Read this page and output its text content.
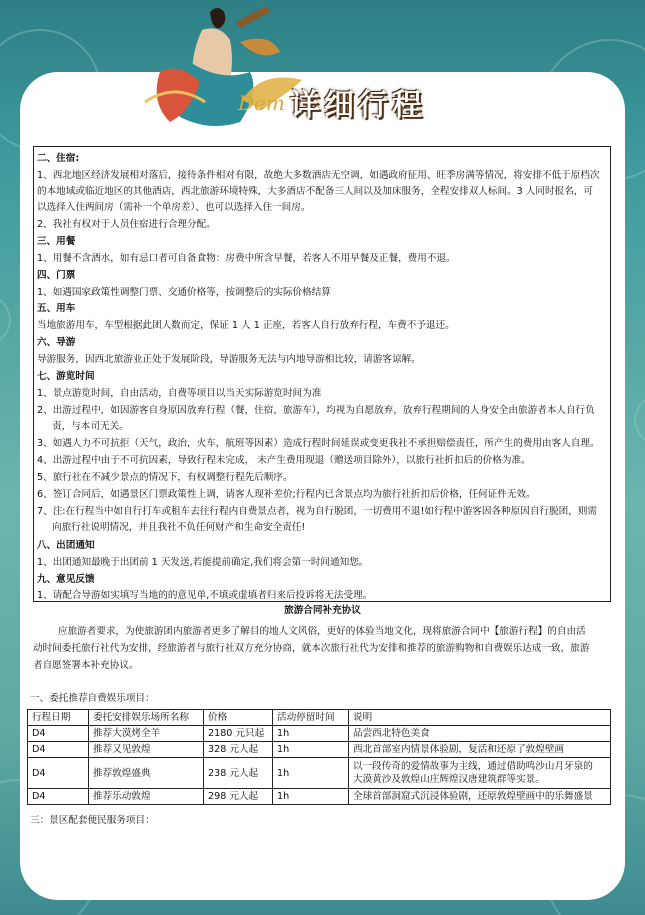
Dem 详细行程
二、住宿:
1、西北地区经济发展相对落后，接待条件相对有限，故绝大多数酒店无空调，如遇政府征用、旺季房满等情况，将安排不低于原档次
的本地域或临近地区的其他酒店，西北旅游环境特殊，大多酒店不配备三人间以及加床服务，全程安排双人标间。3 人同时报名，可
以选择入住两间房（需补一个单房差）、也可以选择入住一间房。
2、我社有权对于人员住宿进行合理分配。
三、用餐
1、用餐不含酒水，如有忌口者可自备食物：房费中所含早餐，若客人不用早餐及正餐，费用不退。
四、门票
1、如遇国家政策性调整门票、交通价格等，按调整后的实际价格结算
五、用车
当地旅游用车，车型根据此团人数而定，保证 1 人 1 正座，若客人自行放弃行程，车费不予退还。
六、导游
导游服务，因西北旅游业正处于发展阶段，导游服务无法与内地导游相比较，请游客谅解。
七、游览时间
1、景点游览时间，自由活动，自费等项目以当天实际游览时间为准
2、出游过程中，如因游客自身原因放弃行程（餐，住宿，旅游车），均视为自愿放弃，放弃行程期间的人身安全由旅游者本人自行负
责，与本司无关。
3、如遇人力不可抗拒（天气，政治，火车，航班等因素）造成行程时间延误或变更我社不承担赔偿责任，所产生的费用由客人自理。
4、出游过程中由于不可抗因素，导致行程未完成， 未产生费用现退（赠送项目除外），以旅行社折扣后的价格为准。
5、旅行社在不减少景点的情况下，有权调整行程先后顺序。
6、签订合同后，如遇景区门票政策性上调，请客人现补差价;行程内已含景点均为旅行社折扣后价格，任何证件无效。
7、注:在行程当中如自行打车或租车去往行程内自费景点者，视为自行脱团，一切费用不退!如行程中游客因各种原因自行脱团，则需
向旅行社说明情况，并且我社不负任何财产和生命安全责任!
八、出团通知
1、出团通知最晚于出团前 1 天发送,若能提前确定,我们将会第一时间通知您。
九、意见反馈
1、请配合导游如实填写当地的的意见单,不填或虚填者归来后投诉将无法受理。
旅游合同补充协议
应旅游者要求，为使旅游团内旅游者更多了解目的地人文风俗，更好的体验当地文化，现将旅游合同中【旅游行程】的自由活
动时间委托旅行社代为安排，经旅游者与旅行社双方充分协商，就本次旅行社代为安排和推荐的旅游购物和自费娱乐达成一致，旅游
者自愿签署本补充协议。
一、委托推荐自费娱乐项目：
行程日期	委托安排娱乐场所名称	价格	活动停留时间	说明
D4	推荐大漠烤全羊	2180 元只起	1h	品尝西北特色美食
D4	推荐又见敦煌	328 元人起	1h	西北首部室内情景体验剧，复活和还原了敦煌壁画
D4	推荐敦煌盛典	238 元人起	1h	以一段传奇的爱情故事为主线，通过借助鸣沙山月牙泉的
大漠黄沙及敦煌山庄辉煌汉唐建筑群等实景。

D4	推荐乐动敦煌	298 元人起	1h	全球首部洞窟式沉浸体验剧，还原敦煌壁画中的乐舞盛景
三：景区配套便民服务项目：
